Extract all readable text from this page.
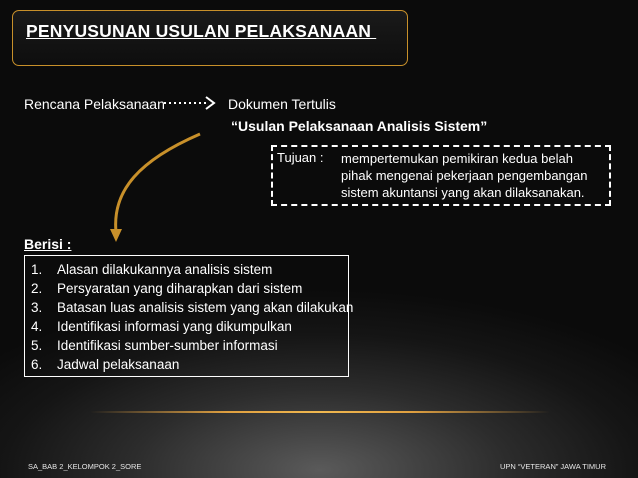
PENYUSUNAN USULAN PELAKSANAAN
Rencana Pelaksanaan	Dokumen Tertulis
“Usulan Pelaksanaan Analisis Sistem”
Tujuan : mempertemukan pemikiran kedua belah
pihak mengenai pekerjaan pengembangan
sistem akuntansi yang akan dilaksanakan.
Berisi :
1. Alasan dilakukannya analisis sistem
2. Persyaratan yang diharapkan dari sistem
3. Batasan luas analisis sistem yang akan dilakukan
4. Identifikasi informasi yang dikumpulkan
5. Identifikasi sumber-sumber informasi
6. Jadwal pelaksanaan
SA_BAB 2_KELOMPOK 2_SORE	UPN “VETERAN” JAWA TIMUR
